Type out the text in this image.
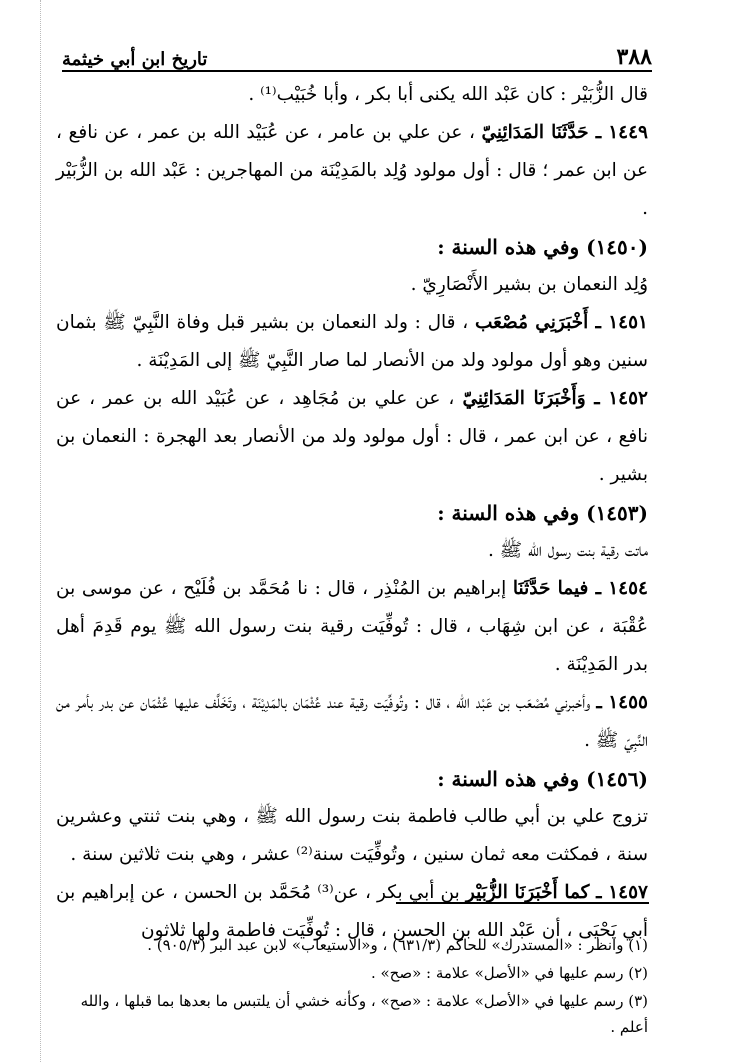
٣٨٨
تاريخ ابن أبي خيثمة

قال الزُّبَيْر : كان عَبْد الله يكنى أبا بكر ، وأبا خُبَيْب⁽¹⁾ .

١٤٤٩ ـ حَدَّثَنَا المَدَائِنِيّ ، عن علي بن عامر ، عن عُبَيْد الله بن عمر ، عن نافع ، عن ابن عمر ؛ قال : أول مولود وُلِد بالمَدِيْنَة من المهاجرين : عَبْد الله بن الزُّبَيْر .

(١٤٥٠) وفي هذه السنة :

وُلِد النعمان بن بشير الأَنْصَارِيّ .

١٤٥١ ـ أَخْبَرَنِي مُصْعَب ، قال : ولد النعمان بن بشير قبل وفاة النَّبِيّ ﷺ بثمان سنين وهو أول مولود ولد من الأنصار لما صار النَّبِيّ ﷺ إلى المَدِيْنَة .

١٤٥٢ ـ وَأَخْبَرَنَا المَدَائِنِيّ ، عن علي بن مُجَاهِد ، عن عُبَيْد الله بن عمر ، عن نافع ، عن ابن عمر ، قال : أول مولود ولد من الأنصار بعد الهجرة : النعمان بن بشير .

(١٤٥٣) وفي هذه السنة :

ماتت رقية بنت رسول الله ﷺ .

١٤٥٤ ـ فيما حَدَّثَنَا إبراهيم بن المُنْذِر ، قال : نا مُحَمَّد بن فُلَيْح ، عن موسى بن عُقْبَة ، عن ابن شِهَاب ، قال : تُوفِّيَت رقية بنت رسول الله ﷺ يوم قَدِمَ أهل بدر المَدِيْنَة .

١٤٥٥ ـ وأخبرني مُصْعَب بن عَبْد الله ، قال : وتُوفِّيَت رقية عند عُثْمَان بالمَدِيْنَة ، وتَخَلَّف عليها عُثْمَان عن بدر بأمر من النَّبِيّ ﷺ .

(١٤٥٦) وفي هذه السنة :

تزوج علي بن أبي طالب فاطمة بنت رسول الله ﷺ ، وهي بنت ثنتي وعشرين سنة ، فمكثت معه ثمان سنين ، وتُوفِّيَت سنة⁽²⁾ عشر ، وهي بنت ثلاثين سنة .

١٤٥٧ ـ كما أَخْبَرَنَا الزُّبَيْر بن أبي بكر ، عن⁽³⁾ مُحَمَّد بن الحسن ، عن إبراهيم بن أبي يَحْيَى ، أن عَبْد الله بن الحسن ، قال : تُوفِّيَت فاطمة ولها ثلاثون

(١) وانظر : «المستدرك» للحاكم (٦٣١/٣) ، و«الاستيعاب» لابن عبد البر (٩٠٥/٣) .

(٢) رسم عليها في «الأصل» علامة : «صح» .

(٣) رسم عليها في «الأصل» علامة : «صح» ، وكأنه خشي أن يلتبس ما بعدها بما قبلها ، والله أعلم .
